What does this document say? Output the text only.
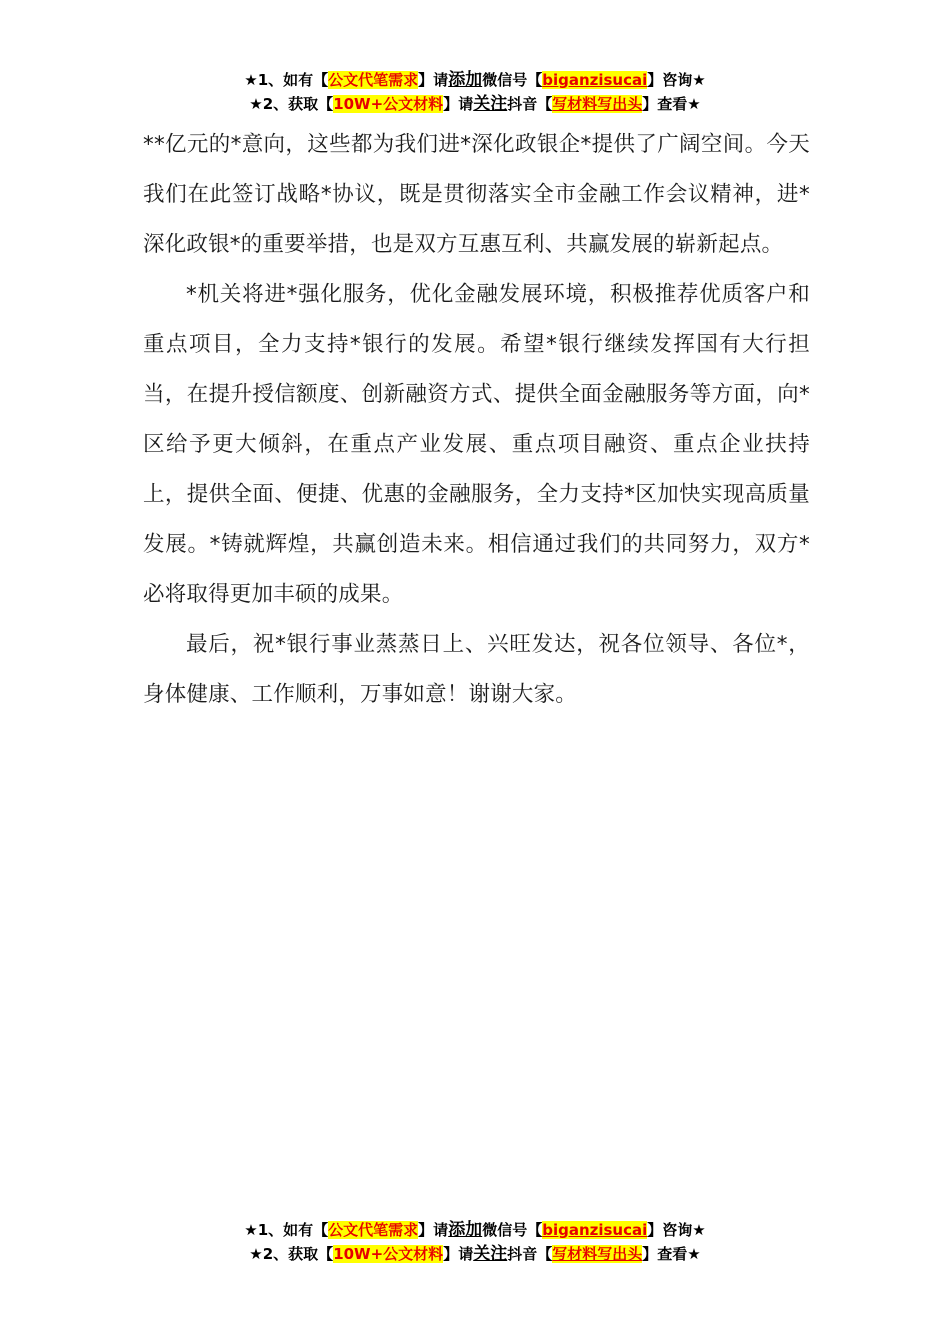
★1、如有【公文代笔需求】请添加微信号【biganzisucai】咨询★
★2、获取【10W+公文材料】请关注抖音【写材料写出头】查看★

**亿元的*意向，这些都为我们进*深化政银企*提供了广阔空间。今天我们在此签订战略*协议，既是贯彻落实全市金融工作会议精神，进*深化政银*的重要举措，也是双方互惠互利、共赢发展的崭新起点。

*机关将进*强化服务，优化金融发展环境，积极推荐优质客户和重点项目，全力支持*银行的发展。希望*银行继续发挥国有大行担当，在提升授信额度、创新融资方式、提供全面金融服务等方面，向*区给予更大倾斜，在重点产业发展、重点项目融资、重点企业扶持上，提供全面、便捷、优惠的金融服务，全力支持*区加快实现高质量发展。*铸就辉煌，共赢创造未来。相信通过我们的共同努力，双方*必将取得更加丰硕的成果。

最后，祝*银行事业蒸蒸日上、兴旺发达，祝各位领导、各位*，身体健康、工作顺利，万事如意！谢谢大家。

★1、如有【公文代笔需求】请添加微信号【biganzisucai】咨询★
★2、获取【10W+公文材料】请关注抖音【写材料写出头】查看★
